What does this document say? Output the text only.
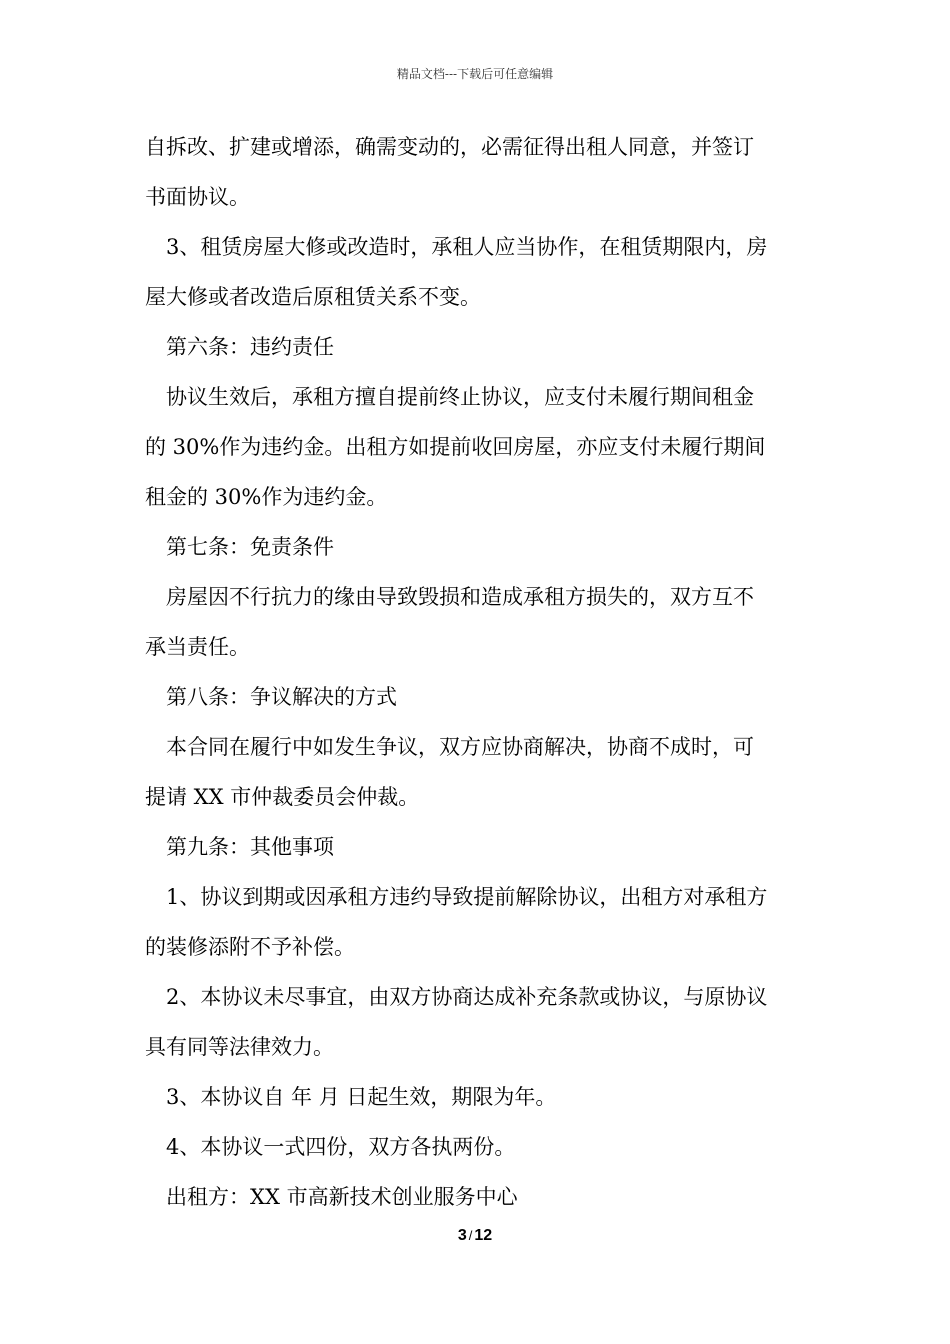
精品文档---下载后可任意编辑
自拆改、扩建或增添，确需变动的，必需征得出租人同意，并签订
书面协议。
3、租赁房屋大修或改造时，承租人应当协作，在租赁期限内，房
屋大修或者改造后原租赁关系不变。
第六条：违约责任
协议生效后，承租方擅自提前终止协议，应支付未履行期间租金
的 30%作为违约金。出租方如提前收回房屋，亦应支付未履行期间
租金的 30%作为违约金。
第七条：免责条件
房屋因不行抗力的缘由导致毁损和造成承租方损失的，双方互不
承当责任。
第八条：争议解决的方式
本合同在履行中如发生争议，双方应协商解决，协商不成时，可
提请 XX 市仲裁委员会仲裁。
第九条：其他事项
1、协议到期或因承租方违约导致提前解除协议，出租方对承租方
的装修添附不予补偿。
2、本协议未尽事宜，由双方协商达成补充条款或协议，与原协议
具有同等法律效力。
3、本协议自 年 月 日起生效，期限为年。
4、本协议一式四份，双方各执两份。
出租方：XX 市高新技术创业服务中心
3 / 12
